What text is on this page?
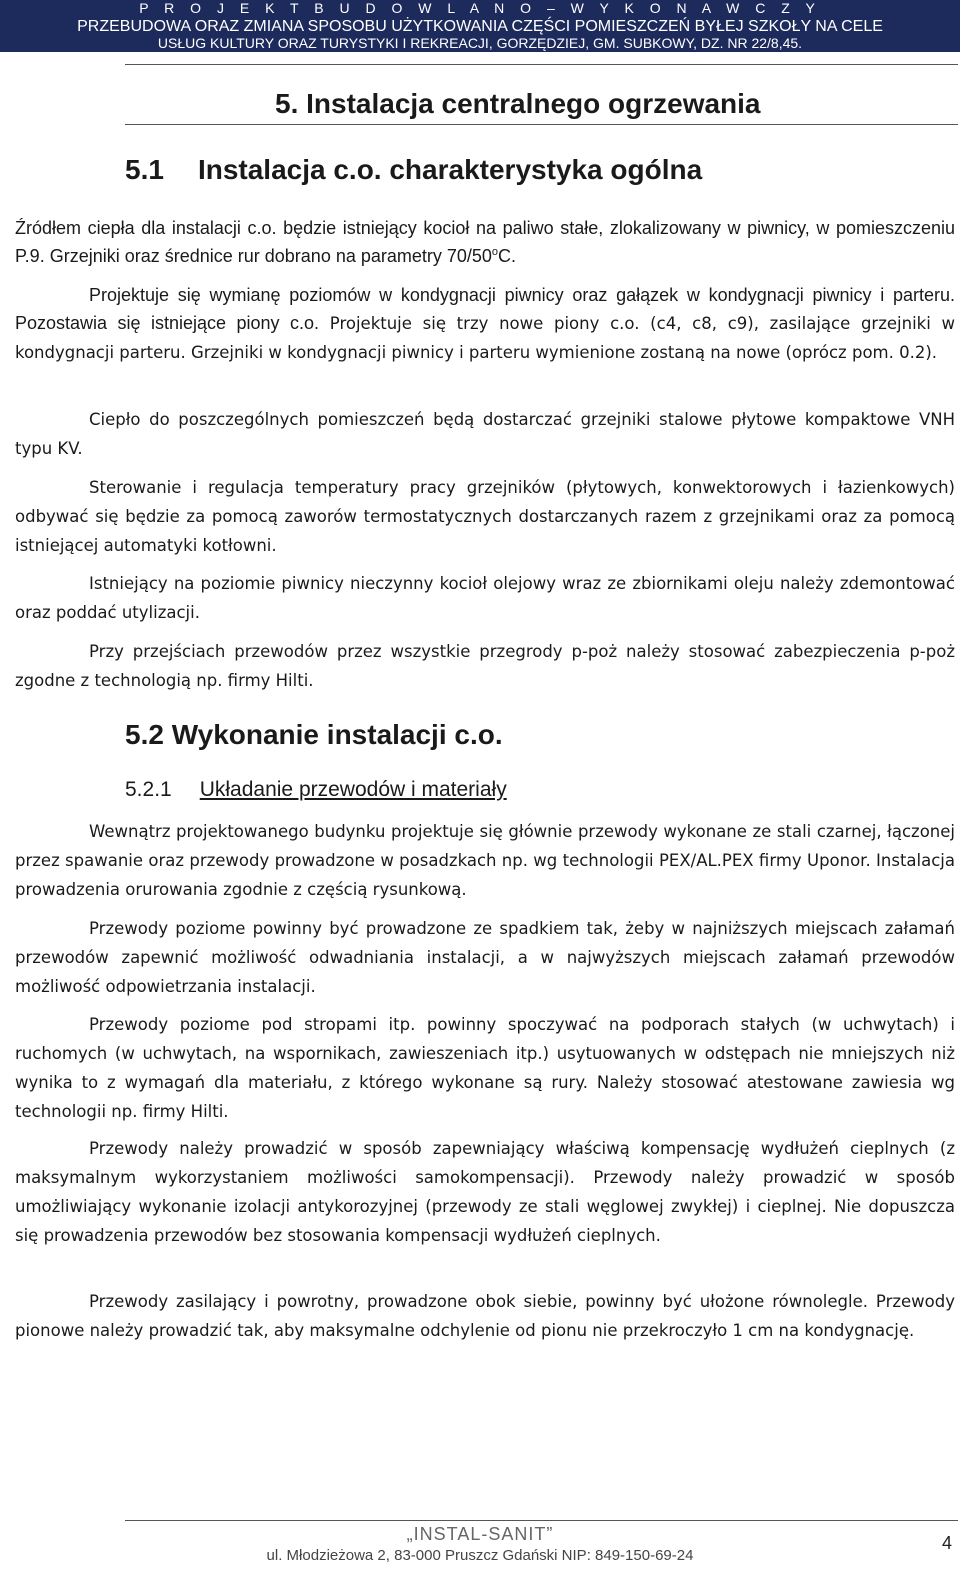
P R O J E K T B U D O W L A N O – W Y K O N A W C Z Y
PRZEBUDOWA ORAZ ZMIANA SPOSOBU UŻYTKOWANIA CZĘŚCI POMIESZCZEŃ BYŁEJ SZKOŁY NA CELE
USŁUG KULTURY ORAZ TURYSTYKI I REKREACJI, GORZĘDZIEJ, GM. SUBKOWY, DZ. NR 22/8,45.
5. Instalacja centralnego ogrzewania
5.1 Instalacja c.o. charakterystyka ogólna

Źródłem ciepła dla instalacji c.o. będzie istniejący kocioł na paliwo stałe, zlokalizowany w piwnicy, w pomieszczeniu P.9. Grzejniki oraz średnice rur dobrano na parametry 70/50$^o$C.

Projektuje się wymianę poziomów w kondygnacji piwnicy oraz gałązek w kondygnacji piwnicy i parteru. Pozostawia się istniejące piony c.o. Projektuje się trzy nowe piony c.o. (c4, c8, c9), zasilające grzejniki w kondygnacji parteru. Grzejniki w kondygnacji piwnicy i parteru wymienione zostaną na nowe (oprócz pom. 0.2).

Ciepło do poszczególnych pomieszczeń będą dostarczać grzejniki stalowe płytowe kompaktowe VNH typu KV.

Sterowanie i regulacja temperatury pracy grzejników (płytowych, konwektorowych i łazienkowych) odbywać się będzie za pomocą zaworów termostatycznych dostarczanych razem z grzejnikami oraz za pomocą istniejącej automatyki kotłowni.

Istniejący na poziomie piwnicy nieczynny kocioł olejowy wraz ze zbiornikami oleju należy zdemontować oraz poddać utylizacji.

Przy przejściach przewodów przez wszystkie przegrody p-poż należy stosować zabezpieczenia p-poż zgodne z technologią np. firmy Hilti.

5.2 Wykonanie instalacji c.o.
5.2.1 Układanie przewodów i materiały

Wewnątrz projektowanego budynku projektuje się głównie przewody wykonane ze stali czarnej, łączonej przez spawanie oraz przewody prowadzone w posadzkach np. wg technologii PEX/AL.PEX firmy Uponor. Instalacja prowadzenia orurowania zgodnie z częścią rysunkową.

Przewody poziome powinny być prowadzone ze spadkiem tak, żeby w najniższych miejscach załamań przewodów zapewnić możliwość odwadniania instalacji, a w najwyższych miejscach załamań przewodów możliwość odpowietrzania instalacji.

Przewody poziome pod stropami itp. powinny spoczywać na podporach stałych (w uchwytach) i ruchomych (w uchwytach, na wspornikach, zawieszeniach itp.) usytuowanych w odstępach nie mniejszych niż wynika to z wymagań dla materiału, z którego wykonane są rury. Należy stosować atestowane zawiesia wg technologii np. firmy Hilti.

Przewody należy prowadzić w sposób zapewniający właściwą kompensację wydłużeń cieplnych (z maksymalnym wykorzystaniem możliwości samokompensacji). Przewody należy prowadzić w sposób umożliwiający wykonanie izolacji antykorozyjnej (przewody ze stali węglowej zwykłej) i cieplnej. Nie dopuszcza się prowadzenia przewodów bez stosowania kompensacji wydłużeń cieplnych.

Przewody zasilający i powrotny, prowadzone obok siebie, powinny być ułożone równolegle. Przewody pionowe należy prowadzić tak, aby maksymalne odchylenie od pionu nie przekroczyło 1 cm na kondygnację.

„INSTAL-SANIT”
ul. Młodzieżowa 2, 83-000 Pruszcz Gdański NIP: 849-150-69-24
4
